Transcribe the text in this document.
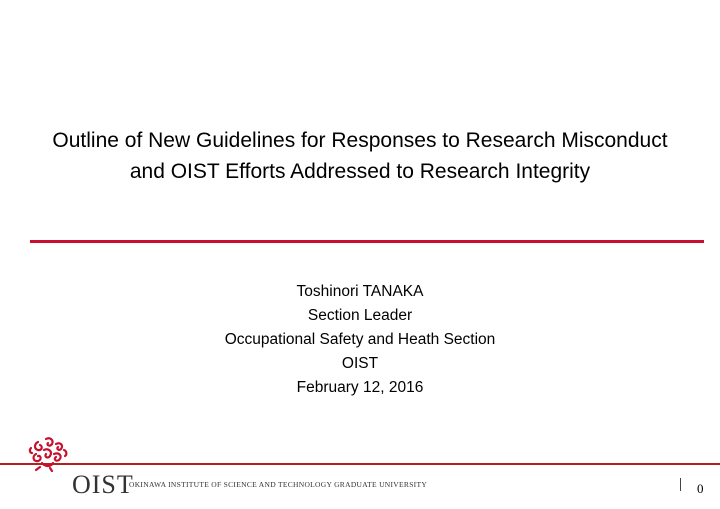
Outline of New Guidelines for Responses to Research Misconduct
and OIST Efforts Addressed to Research Integrity
Toshinori TANAKA
Section Leader
Occupational Safety and Heath Section
OIST
February 12, 2016
OIST
OKINAWA INSTITUTE OF SCIENCE AND TECHNOLOGY GRADUATE UNIVERSITY	0
